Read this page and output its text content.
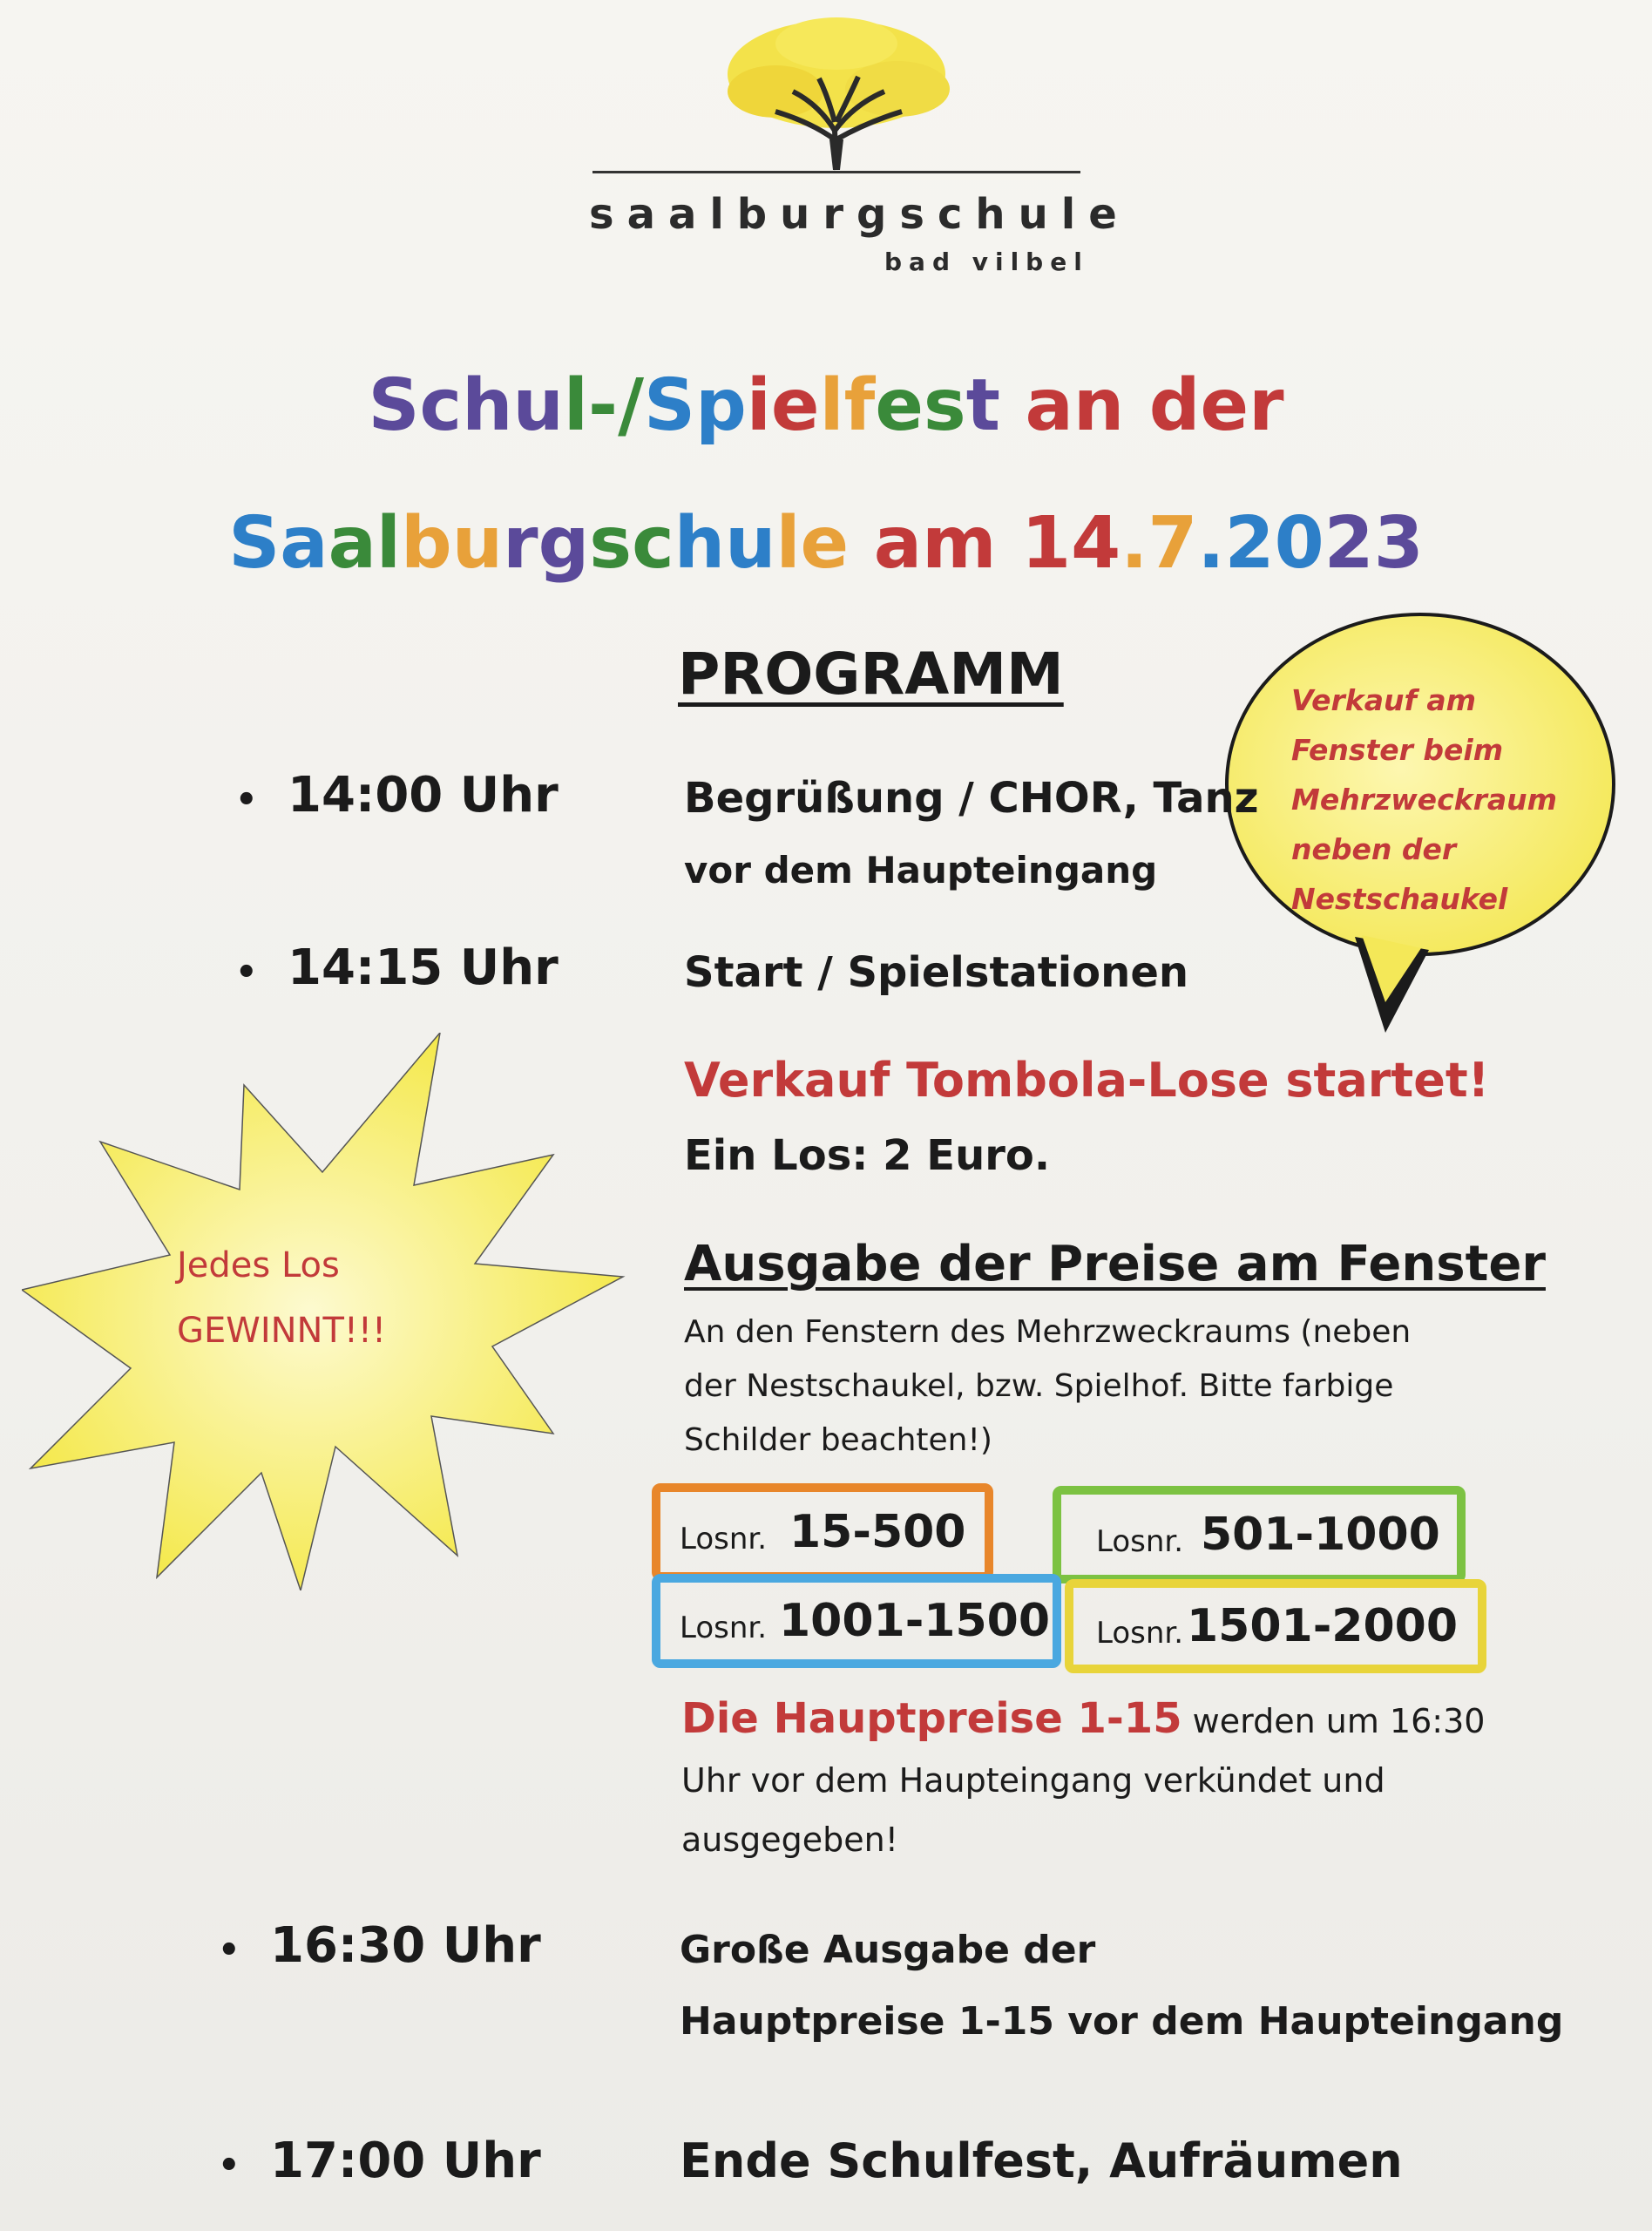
saalburgschule
bad vilbel
Schul-/Spielfest an der
Saalburgschule am 14.7.2023
PROGRAMM	Verkauf am
Fenster beim
Mehrzweckraum
neben der
Nestschaukel
Jedes Los
GEWINNT!!!
• 14:00 Uhr	Begrüßung / CHOR, Tanz
vor dem Haupteingang
• 14:15 Uhr	Start / Spielstationen
Verkauf Tombola-Lose startet!
Ein Los: 2 Euro.
Ausgabe der Preise am Fenster
An den Fenstern des Mehrzweckraums (neben
der Nestschaukel, bzw. Spielhof. Bitte farbige
Schilder beachten!)
Losnr. 15-500	Losnr. 501-1000
Losnr. 1001-1500 Losnr. 1501-2000
Die Hauptpreise 1-15 werden um 16:30
Uhr vor dem Haupteingang verkündet und
ausgegeben!
• 16:30 Uhr	Große Ausgabe der
Hauptpreise 1-15 vor dem Haupteingang
• 17:00 Uhr	Ende Schulfest, Aufräumen
